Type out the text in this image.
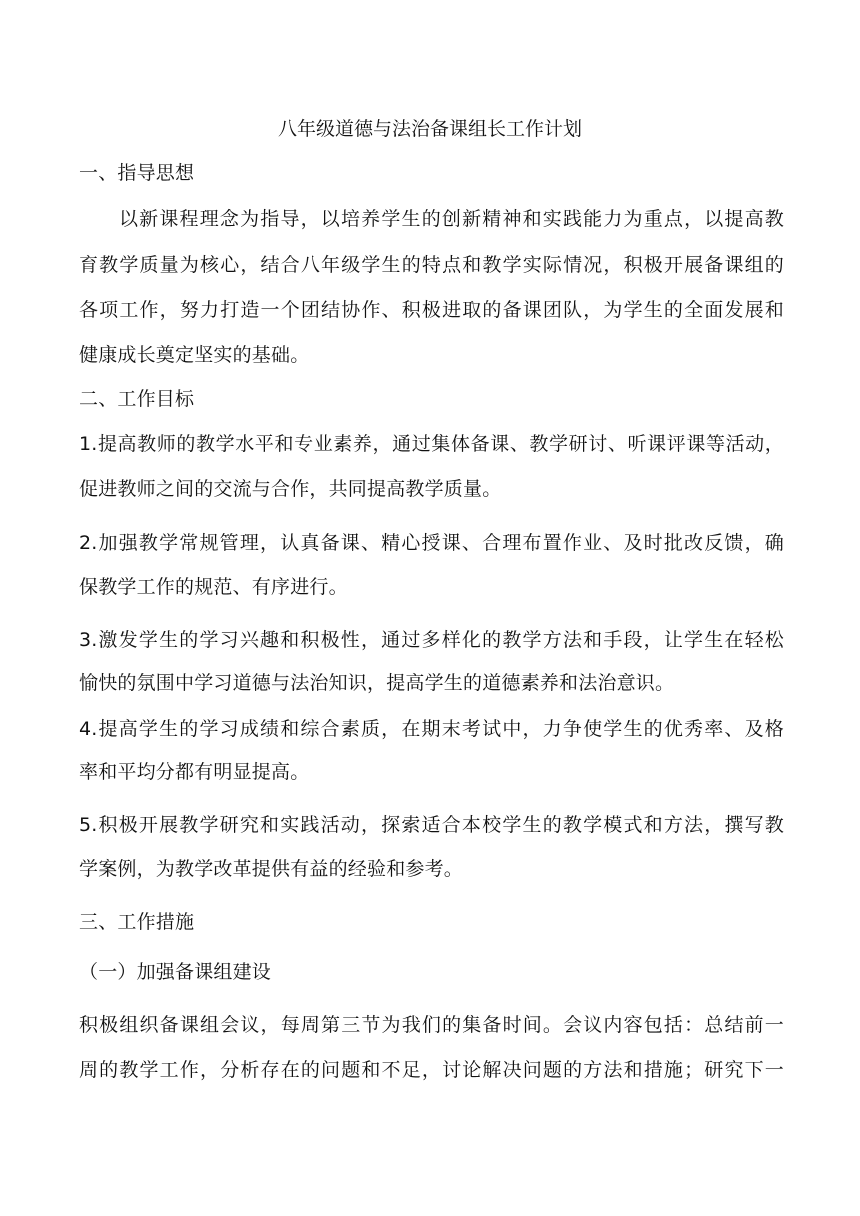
八年级道德与法治备课组长工作计划
一、指导思想
以新课程理念为指导，以培养学生的创新精神和实践能力为重点，以提高教
育教学质量为核心，结合八年级学生的特点和教学实际情况，积极开展备课组的
各项工作，努力打造一个团结协作、积极进取的备课团队，为学生的全面发展和
健康成长奠定坚实的基础。
二、工作目标
1.提高教师的教学水平和专业素养，通过集体备课、教学研讨、听课评课等活动，
促进教师之间的交流与合作，共同提高教学质量。
2.加强教学常规管理，认真备课、精心授课、合理布置作业、及时批改反馈，确
保教学工作的规范、有序进行。
3.激发学生的学习兴趣和积极性，通过多样化的教学方法和手段，让学生在轻松
愉快的氛围中学习道德与法治知识，提高学生的道德素养和法治意识。
4.提高学生的学习成绩和综合素质，在期末考试中，力争使学生的优秀率、及格
率和平均分都有明显提高。
5.积极开展教学研究和实践活动，探索适合本校学生的教学模式和方法，撰写教
学案例，为教学改革提供有益的经验和参考。
三、工作措施
（一）加强备课组建设
积极组织备课组会议，每周第三节为我们的集备时间。会议内容包括：总结前一
周的教学工作，分析存在的问题和不足，讨论解决问题的方法和措施；研究下一
